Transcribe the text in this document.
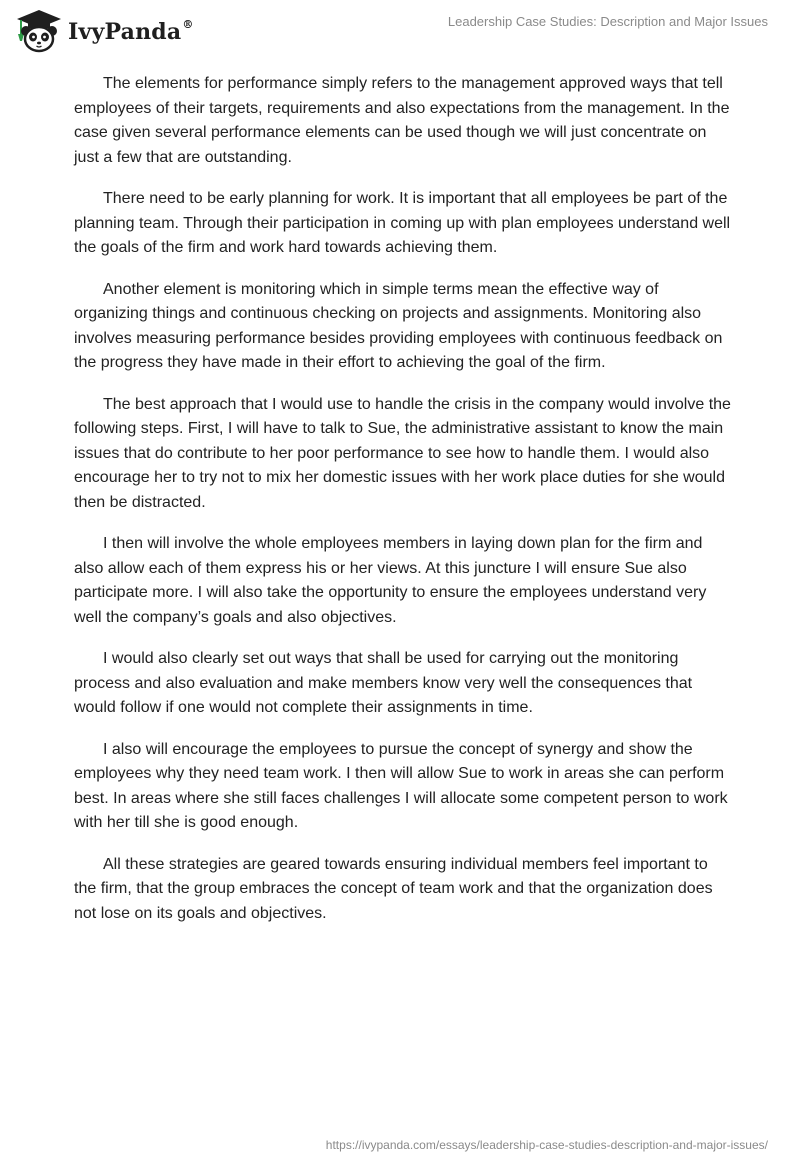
IvyPanda®	Leadership Case Studies: Description and Major Issues

The elements for performance simply refers to the management approved ways that tell employees of their targets, requirements and also expectations from the management. In the case given several performance elements can be used though we will just concentrate on just a few that are outstanding.

There need to be early planning for work. It is important that all employees be part of the planning team. Through their participation in coming up with plan employees understand well the goals of the firm and work hard towards achieving them.

Another element is monitoring which in simple terms mean the effective way of organizing things and continuous checking on projects and assignments. Monitoring also involves measuring performance besides providing employees with continuous feedback on the progress they have made in their effort to achieving the goal of the firm.

The best approach that I would use to handle the crisis in the company would involve the following steps. First, I will have to talk to Sue, the administrative assistant to know the main issues that do contribute to her poor performance to see how to handle them. I would also encourage her to try not to mix her domestic issues with her work place duties for she would then be distracted.

I then will involve the whole employees members in laying down plan for the firm and also allow each of them express his or her views. At this juncture I will ensure Sue also participate more. I will also take the opportunity to ensure the employees understand very well the company’s goals and also objectives.

I would also clearly set out ways that shall be used for carrying out the monitoring process and also evaluation and make members know very well the consequences that would follow if one would not complete their assignments in time.

I also will encourage the employees to pursue the concept of synergy and show the employees why they need team work. I then will allow Sue to work in areas she can perform best. In areas where she still faces challenges I will allocate some competent person to work with her till she is good enough.

All these strategies are geared towards ensuring individual members feel important to the firm, that the group embraces the concept of team work and that the organization does not lose on its goals and objectives.

https://ivypanda.com/essays/leadership-case-studies-description-and-major-issues/
